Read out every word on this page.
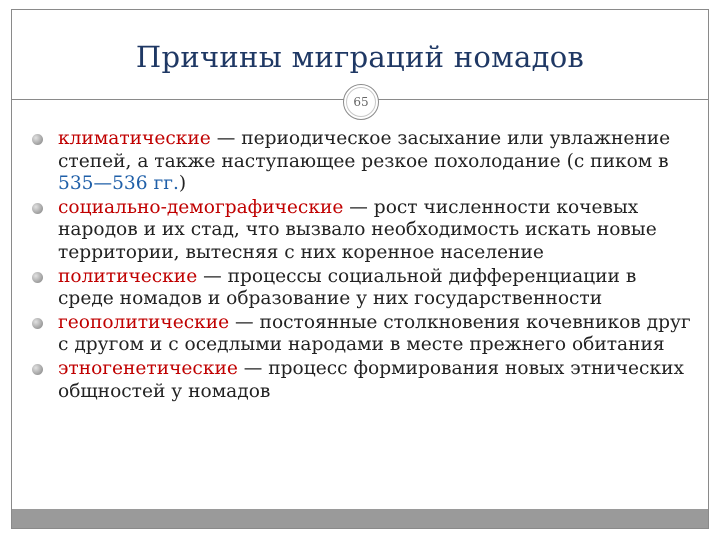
Причины миграций номадов
65
климатические — периодическое засыхание или увлажнение степей, а также наступающее резкое похолодание (с пиком в 535—536 гг.)
социально-демографические — рост численности кочевых народов и их стад, что вызвало необходимость искать новые территории, вытесняя с них коренное население
политические — процессы социальной дифференциации в среде номадов и образование у них государственности
геополитические — постоянные столкновения кочевников друг с другом и с оседлыми народами в месте прежнего обитания
этногенетические — процесс формирования новых этнических общностей у номадов
